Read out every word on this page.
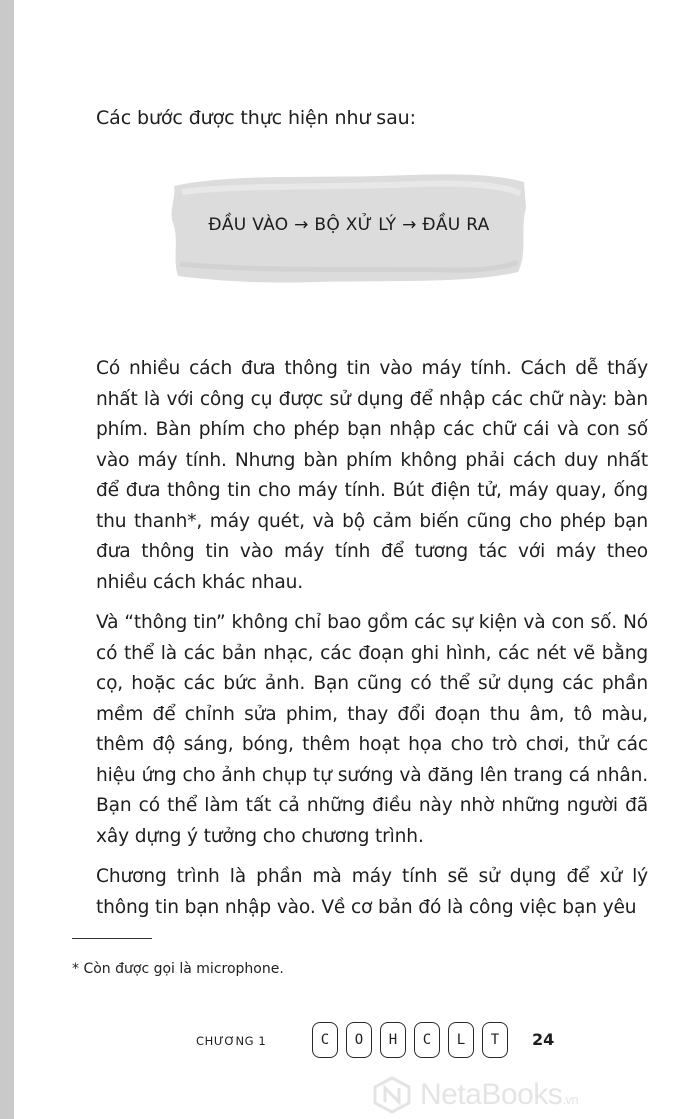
Các bước được thực hiện như sau:
ĐẦU VÀO → BỘ XỬ LÝ → ĐẦU RA

Có nhiều cách đưa thông tin vào máy tính. Cách dễ thấy nhất là với công cụ được sử dụng để nhập các chữ này: bàn phím. Bàn phím cho phép bạn nhập các chữ cái và con số vào máy tính. Nhưng bàn phím không phải cách duy nhất để đưa thông tin cho máy tính. Bút điện tử, máy quay, ống thu thanh*, máy quét, và bộ cảm biến cũng cho phép bạn đưa thông tin vào máy tính để tương tác với máy theo nhiều cách khác nhau.

Và “thông tin” không chỉ bao gồm các sự kiện và con số. Nó có thể là các bản nhạc, các đoạn ghi hình, các nét vẽ bằng cọ, hoặc các bức ảnh. Bạn cũng có thể sử dụng các phần mềm để chỉnh sửa phim, thay đổi đoạn thu âm, tô màu, thêm độ sáng, bóng, thêm hoạt họa cho trò chơi, thử các hiệu ứng cho ảnh chụp tự sướng và đăng lên trang cá nhân. Bạn có thể làm tất cả những điều này nhờ những người đã xây dựng ý tưởng cho chương trình.

Chương trình là phần mà máy tính sẽ sử dụng để xử lý thông tin bạn nhập vào. Về cơ bản đó là công việc bạn yêu

* Còn được gọi là microphone.
CHƯƠNG 1	C	O	H	C	L	T	24
NetaBooks.vn
